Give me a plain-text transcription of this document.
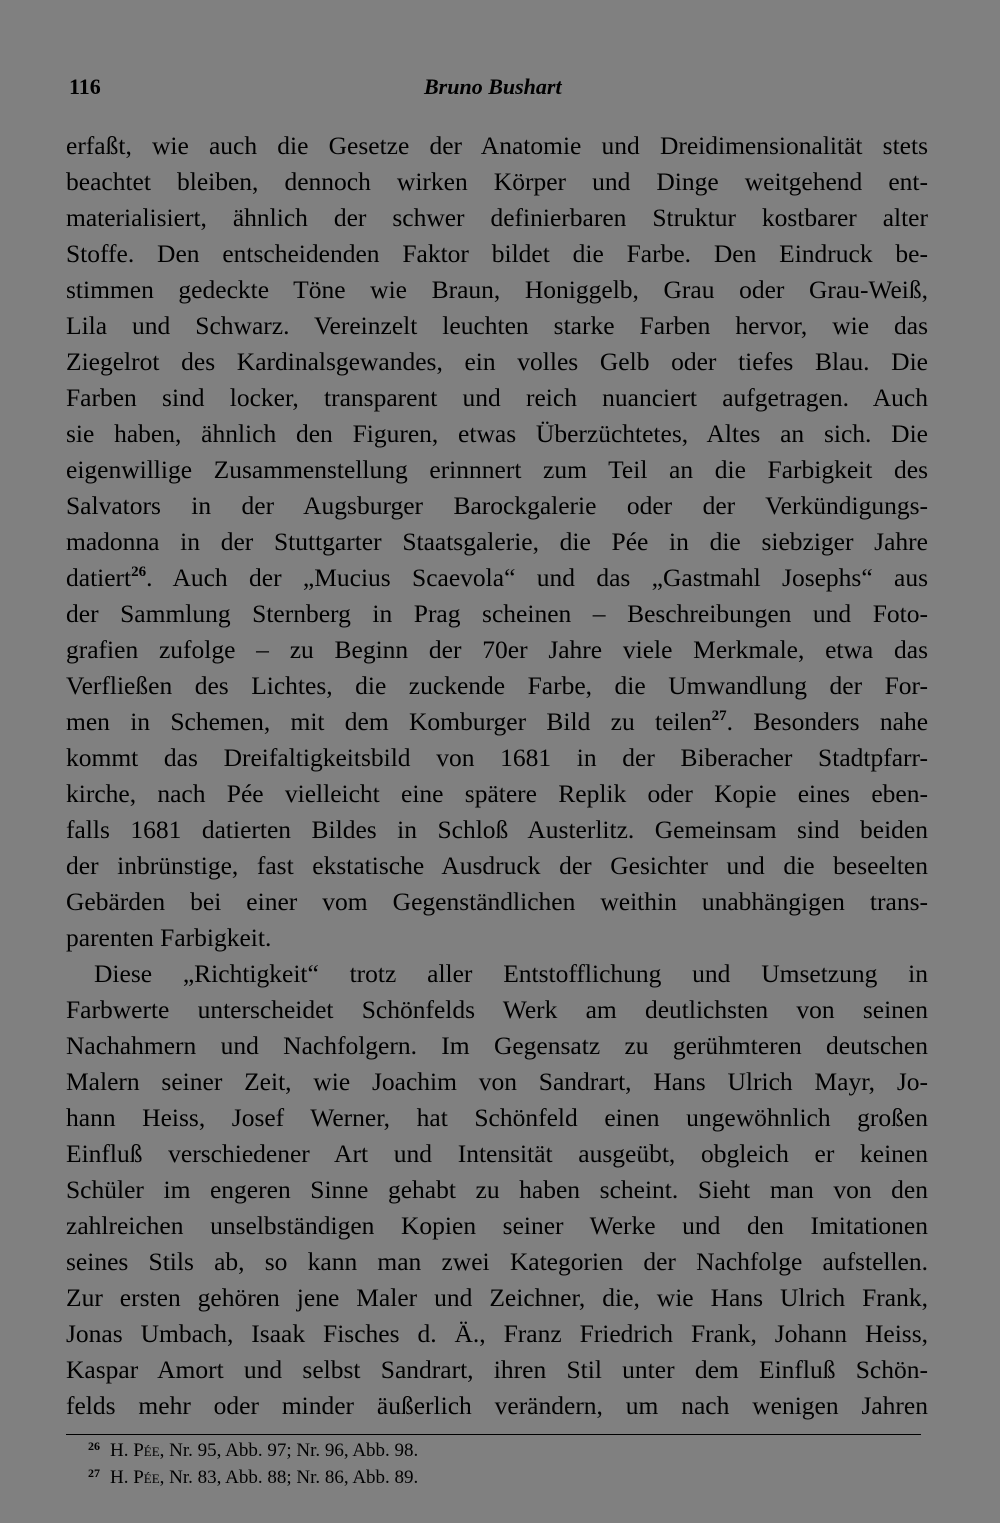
116	Bruno Bushart
erfaßt, wie auch die Gesetze der Anatomie und Dreidimensionalität stets
beachtet bleiben, dennoch wirken Körper und Dinge weitgehend ent-
materialisiert, ähnlich der schwer definierbaren Struktur kostbarer alter
Stoffe. Den entscheidenden Faktor bildet die Farbe. Den Eindruck be-
stimmen gedeckte Töne wie Braun, Honiggelb, Grau oder Grau-Weiß,
Lila und Schwarz. Vereinzelt leuchten starke Farben hervor, wie das
Ziegelrot des Kardinalsgewandes, ein volles Gelb oder tiefes Blau. Die
Farben sind locker, transparent und reich nuanciert aufgetragen. Auch
sie haben, ähnlich den Figuren, etwas Überzüchtetes, Altes an sich. Die
eigenwillige Zusammenstellung erinnnert zum Teil an die Farbigkeit des
Salvators in der Augsburger Barockgalerie oder der Verkündigungs-
madonna in der Stuttgarter Staatsgalerie, die Pée in die siebziger Jahre
datiert$^{26}$. Auch der „Mucius Scaevola“ und das „Gastmahl Josephs“ aus
der Sammlung Sternberg in Prag scheinen – Beschreibungen und Foto-
grafien zufolge – zu Beginn der 70er Jahre viele Merkmale, etwa das
Verfließen des Lichtes, die zuckende Farbe, die Umwandlung der For-
men in Schemen, mit dem Komburger Bild zu teilen$^{27}$. Besonders nahe
kommt das Dreifaltigkeitsbild von 1681 in der Biberacher Stadtpfarr-
kirche, nach Pée vielleicht eine spätere Replik oder Kopie eines eben-
falls 1681 datierten Bildes in Schloß Austerlitz. Gemeinsam sind beiden
der inbrünstige, fast ekstatische Ausdruck der Gesichter und die beseelten
Gebärden bei einer vom Gegenständlichen weithin unabhängigen trans-
parenten Farbigkeit.
Diese „Richtigkeit“ trotz aller Entstofflichung und Umsetzung in
Farbwerte unterscheidet Schönfelds Werk am deutlichsten von seinen
Nachahmern und Nachfolgern. Im Gegensatz zu gerühmteren deutschen
Malern seiner Zeit, wie Joachim von Sandrart, Hans Ulrich Mayr, Jo-
hann Heiss, Josef Werner, hat Schönfeld einen ungewöhnlich großen
Einfluß verschiedener Art und Intensität ausgeübt, obgleich er keinen
Schüler im engeren Sinne gehabt zu haben scheint. Sieht man von den
zahlreichen unselbständigen Kopien seiner Werke und den Imitationen
seines Stils ab, so kann man zwei Kategorien der Nachfolge aufstellen.
Zur ersten gehören jene Maler und Zeichner, die, wie Hans Ulrich Frank,
Jonas Umbach, Isaak Fisches d. Ä., Franz Friedrich Frank, Johann Heiss,
Kaspar Amort und selbst Sandrart, ihren Stil unter dem Einfluß Schön-
felds mehr oder minder äußerlich verändern, um nach wenigen Jahren
$^{26}$ H. Pée, Nr. 95, Abb. 97; Nr. 96, Abb. 98.
$^{27}$ H. Pée, Nr. 83, Abb. 88; Nr. 86, Abb. 89.
